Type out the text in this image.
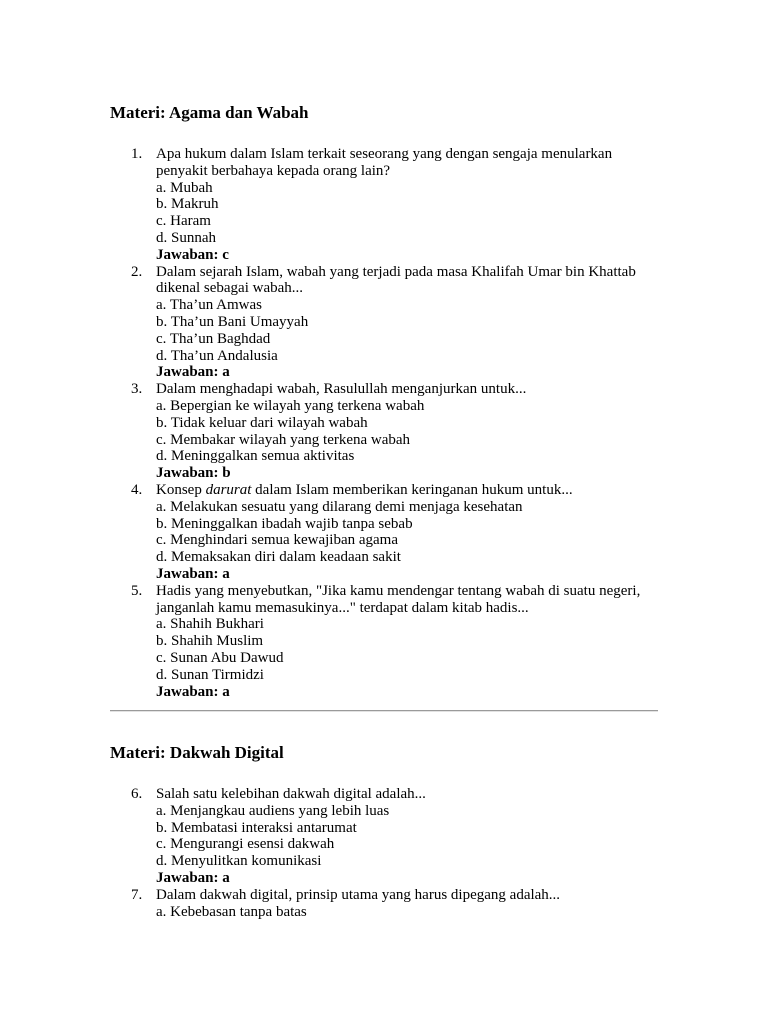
Materi: Agama dan Wabah
1. Apa hukum dalam Islam terkait seseorang yang dengan sengaja menularkan penyakit berbahaya kepada orang lain?
a. Mubah
b. Makruh
c. Haram
d. Sunnah
Jawaban: c
2. Dalam sejarah Islam, wabah yang terjadi pada masa Khalifah Umar bin Khattab dikenal sebagai wabah...
a. Tha’un Amwas
b. Tha’un Bani Umayyah
c. Tha’un Baghdad
d. Tha’un Andalusia
Jawaban: a
3. Dalam menghadapi wabah, Rasulullah menganjurkan untuk...
a. Bepergian ke wilayah yang terkena wabah
b. Tidak keluar dari wilayah wabah
c. Membakar wilayah yang terkena wabah
d. Meninggalkan semua aktivitas
Jawaban: b
4. Konsep darurat dalam Islam memberikan keringanan hukum untuk...
a. Melakukan sesuatu yang dilarang demi menjaga kesehatan
b. Meninggalkan ibadah wajib tanpa sebab
c. Menghindari semua kewajiban agama
d. Memaksakan diri dalam keadaan sakit
Jawaban: a
5. Hadis yang menyebutkan, "Jika kamu mendengar tentang wabah di suatu negeri, janganlah kamu memasukinya..." terdapat dalam kitab hadis...
a. Shahih Bukhari
b. Shahih Muslim
c. Sunan Abu Dawud
d. Sunan Tirmidzi
Jawaban: a
Materi: Dakwah Digital
6. Salah satu kelebihan dakwah digital adalah...
a. Menjangkau audiens yang lebih luas
b. Membatasi interaksi antarumat
c. Mengurangi esensi dakwah
d. Menyulitkan komunikasi
Jawaban: a
7. Dalam dakwah digital, prinsip utama yang harus dipegang adalah...
a. Kebebasan tanpa batas
